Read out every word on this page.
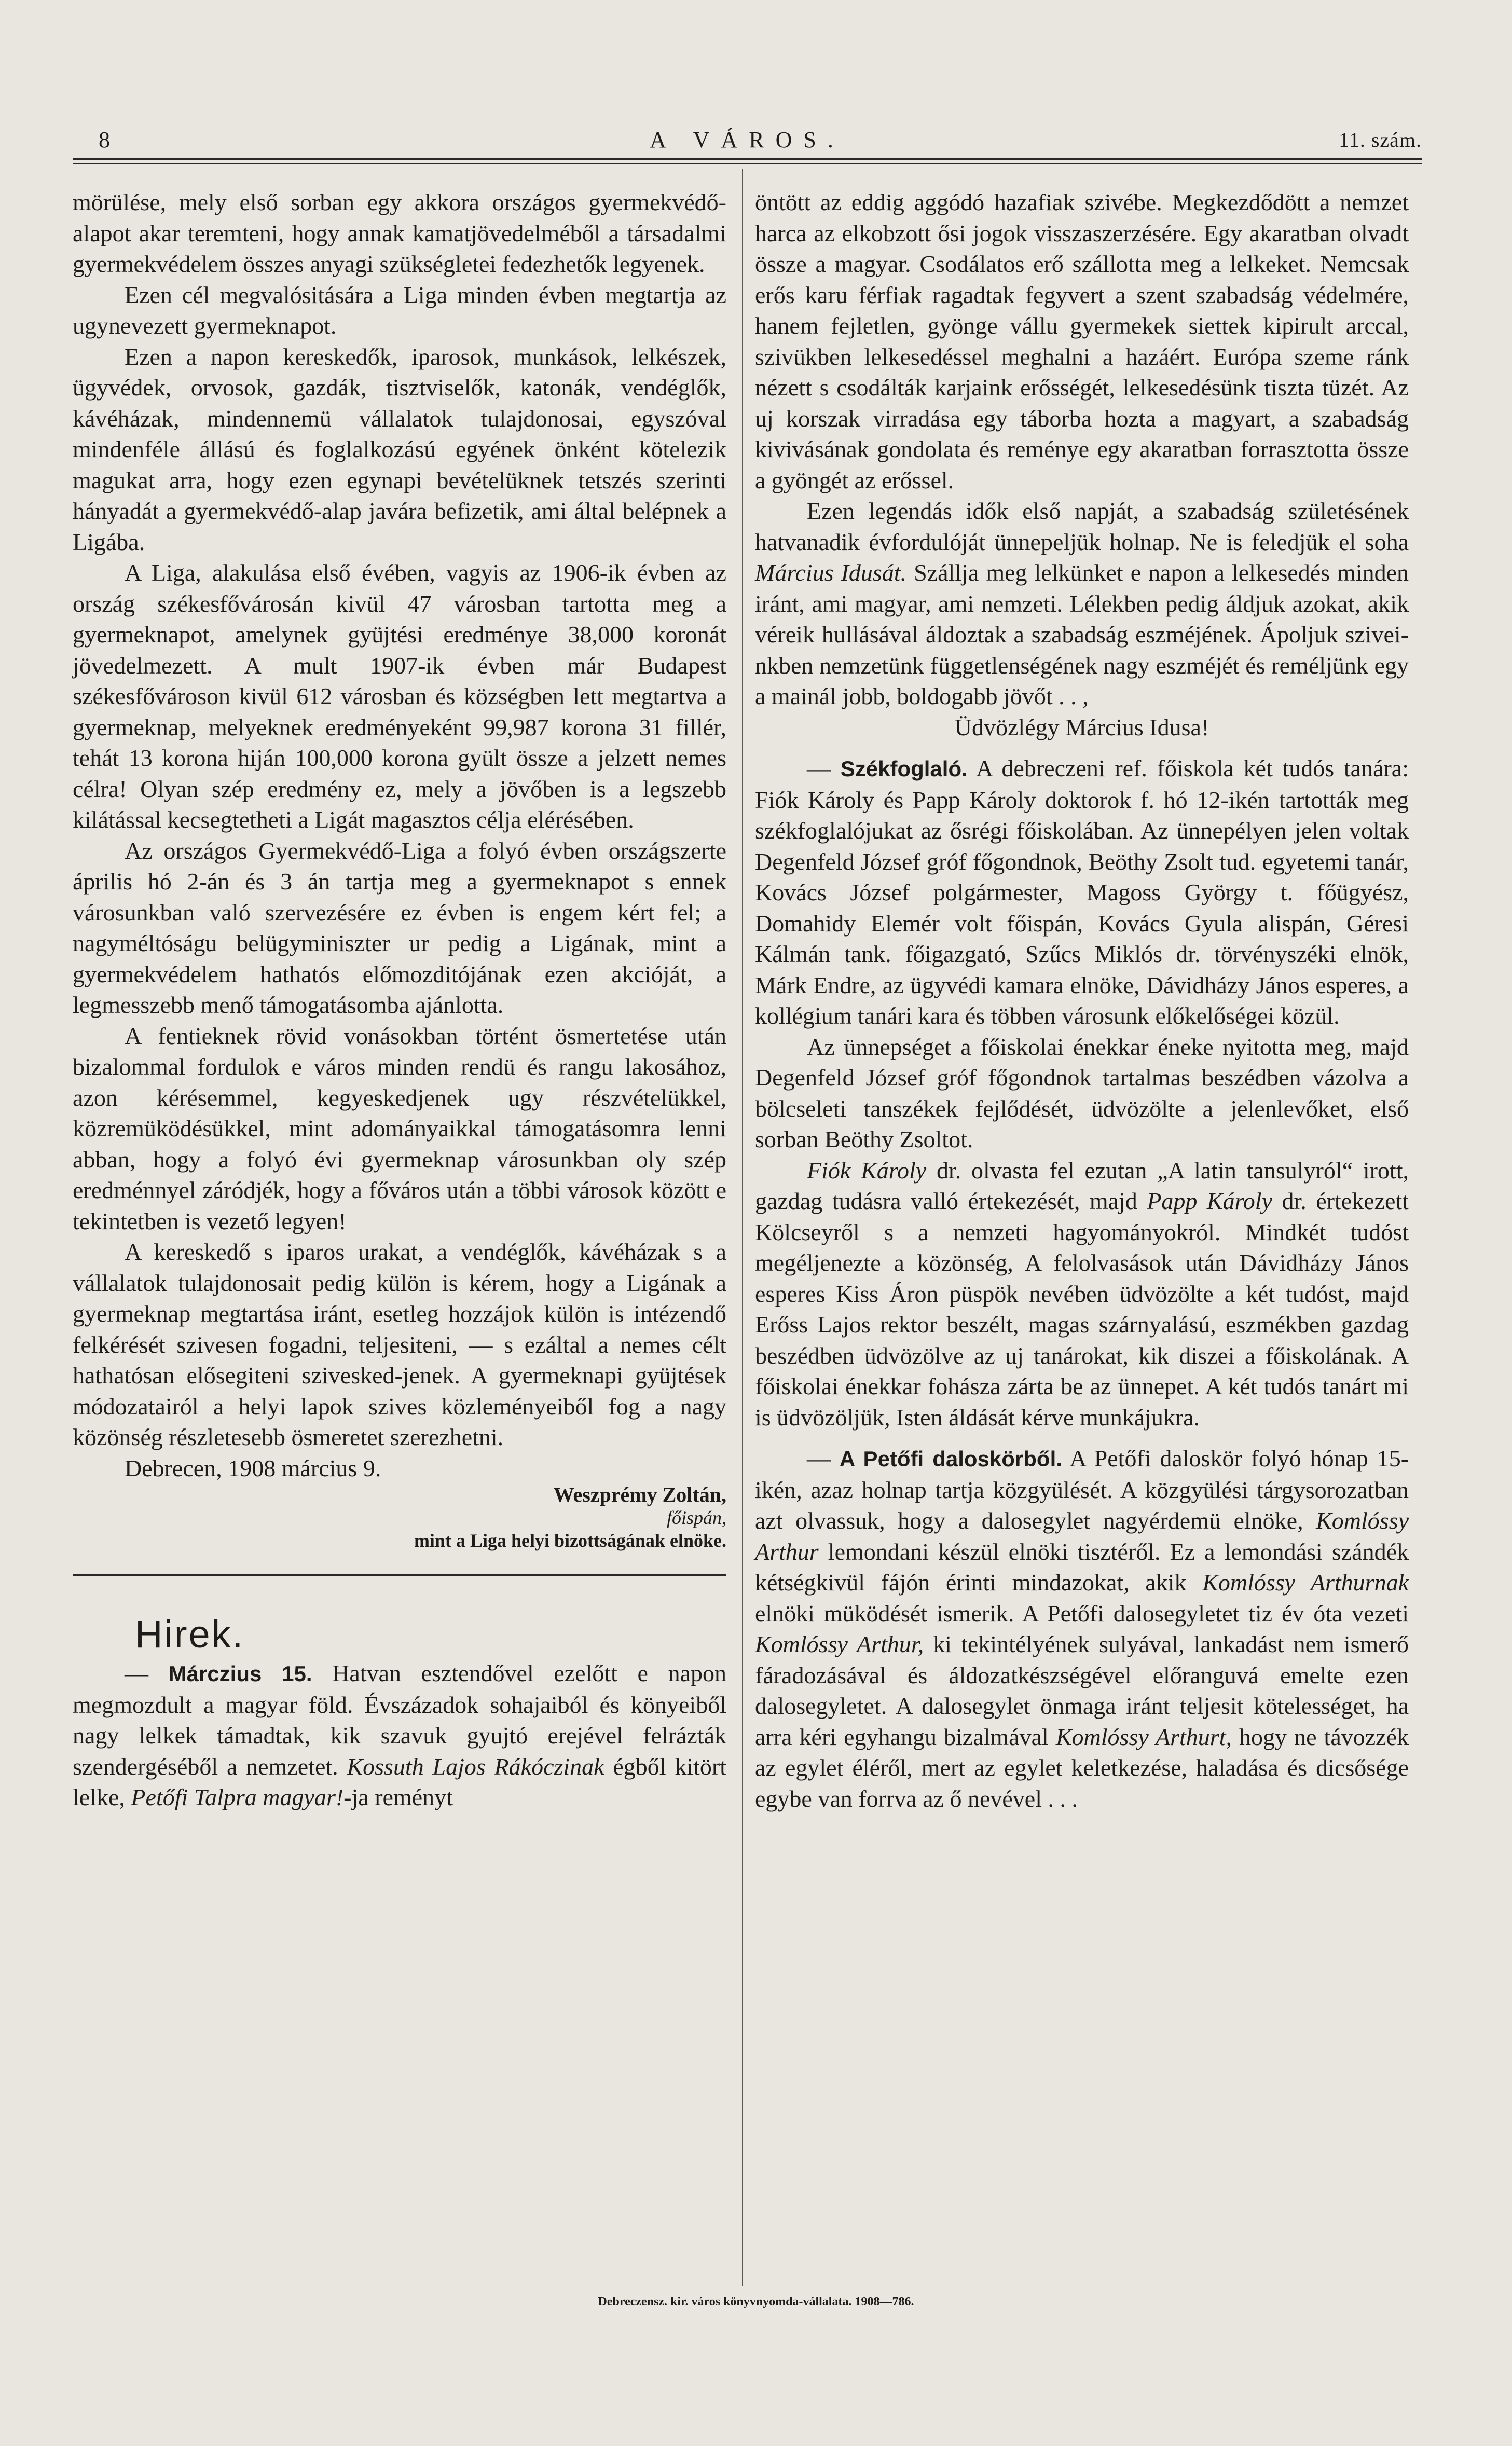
8	A VÁROS.	11. szám.

mörülése, mely első sorban egy akkora országos gyermekvédő-alapot akar teremteni, hogy annak kamatjövedelméből a társadalmi gyermekvédelem összes anyagi szükségletei fedezhetők legyenek.

Ezen cél megvalósitására a Liga minden évben megtartja az ugynevezett gyermeknapot.

Ezen a napon kereskedők, iparosok, munkások, lelkészek, ügyvédek, orvosok, gazdák, tisztviselők, katonák, vendéglők, kávéházak, mindennemü vállalatok tulajdonosai, egyszóval mindenféle állású és foglalkozású egyének önként kötelezik magukat arra, hogy ezen egynapi bevételüknek tetszés szerinti hányadát a gyermekvédő-alap javára befizetik, ami által belépnek a Ligába.

A Liga, alakulása első évében, vagyis az 1906-ik évben az ország székesfővárosán kivül 47 városban tartotta meg a gyermeknapot, amelynek gyüjtési eredménye 38,000 koronát jövedelmezett. A mult 1907-ik évben már Budapest székesfővároson kivül 612 városban és községben lett megtartva a gyermeknap, melyeknek eredményeként 99,987 korona 31 fillér, tehát 13 korona hiján 100,000 korona gyült össze a jelzett nemes célra! Olyan szép eredmény ez, mely a jövőben is a legszebb kilátással kecsegtetheti a Ligát magasztos célja elérésében.

Az országos Gyermekvédő-Liga a folyó évben országszerte április hó 2-án és 3 án tartja meg a gyermeknapot s ennek városunkban való szervezésére ez évben is engem kért fel; a nagyméltóságu belügyminiszter ur pedig a Ligának, mint a gyermekvédelem hathatós előmozditójának ezen akcióját, a legmesszebb menő támogatásomba ajánlotta.

A fentieknek rövid vonásokban történt ösmertetése után bizalommal fordulok e város minden rendü és rangu lakosához, azon kérésemmel, kegyeskedjenek ugy részvételükkel, közremüködésükkel, mint adományaikkal támogatásomra lenni abban, hogy a folyó évi gyermeknap városunkban oly szép eredménnyel záródjék, hogy a főváros után a többi városok között e tekintetben is vezető legyen!

A kereskedő s iparos urakat, a vendéglők, kávéházak s a vállalatok tulajdonosait pedig külön is kérem, hogy a Ligának a gyermeknap megtartása iránt, esetleg hozzájok külön is intézendő felkérését szivesen fogadni, teljesiteni, — s ezáltal a nemes célt hathatósan elősegiteni szivesked-jenek. A gyermeknapi gyüjtések módozatairól a helyi lapok szives közleményeiből fog a nagy közönség részletesebb ösmeretet szerezhetni.

Debrecen, 1908 március 9.

Weszprémy Zoltán,
főispán,
mint a Liga helyi bizottságának elnöke.
Hirek.

— Márczius 15. Hatvan esztendővel ezelőtt e napon megmozdult a magyar föld. Évszázadok sohajaiból és könyeiből nagy lelkek támadtak, kik szavuk gyujtó erejével felrázták szendergéséből a nemzetet. Kossuth Lajos Rákóczinak égből kitört lelke, Petőfi Talpra magyar!-ja reményt

öntött az eddig aggódó hazafiak szivébe. Megkezdődött a nemzet harca az elkobzott ősi jogok visszaszerzésére. Egy akaratban olvadt össze a magyar. Csodálatos erő szállotta meg a lelkeket. Nemcsak erős karu férfiak ragadtak fegyvert a szent szabadság védelmére, hanem fejletlen, gyönge vállu gyermekek siettek kipirult arccal, szivükben lelkesedéssel meghalni a hazáért. Európa szeme ránk nézett s csodálták karjaink erősségét, lelkesedésünk tiszta tüzét. Az uj korszak virradása egy táborba hozta a magyart, a szabadság kivivásának gondolata és reménye egy akaratban forrasztotta össze a gyöngét az erőssel.

Ezen legendás idők első napját, a szabadság születésének hatvanadik évfordulóját ünnepeljük holnap. Ne is feledjük el soha Március Idusát. Szállja meg lelkünket e napon a lelkesedés minden iránt, ami magyar, ami nemzeti. Lélekben pedig áldjuk azokat, akik véreik hullásával áldoztak a szabadság eszméjének. Ápoljuk sziveinkben nemzetünk függetlenségének nagy eszméjét és reméljünk egy a mainál jobb, boldogabb jövőt . . ,

Üdvözlégy Március Idusa!

— Székfoglaló. A debreczeni ref. főiskola két tudós tanára: Fiók Károly és Papp Károly doktorok f. hó 12-ikén tartották meg székfoglalójukat az ősrégi főiskolában. Az ünnepélyen jelen voltak Degenfeld József gróf főgondnok, Beöthy Zsolt tud. egyetemi tanár, Kovács József polgármester, Magoss György t. főügyész, Domahidy Elemér volt főispán, Kovács Gyula alispán, Géresi Kálmán tank. főigazgató, Szűcs Miklós dr. törvényszéki elnök, Márk Endre, az ügyvédi kamara elnöke, Dávidházy János esperes, a kollégium tanári kara és többen városunk előkelőségei közül.

Az ünnepséget a főiskolai énekkar éneke nyitotta meg, majd Degenfeld József gróf főgondnok tartalmas beszédben vázolva a bölcseleti tanszékek fejlődését, üdvözölte a jelenlevőket, első sorban Beöthy Zsoltot.

Fiók Károly dr. olvasta fel ezutan „A latin tansulyról“ irott, gazdag tudásra valló értekezését, majd Papp Károly dr. értekezett Kölcseyről s a nemzeti hagyományokról. Mindkét tudóst megéljenezte a közönség, A felolvasások után Dávidházy János esperes Kiss Áron püspök nevében üdvözölte a két tudóst, majd Erőss Lajos rektor beszélt, magas szárnyalású, eszmékben gazdag beszédben üdvözölve az uj tanárokat, kik diszei a főiskolának. A főiskolai énekkar fohásza zárta be az ünnepet. A két tudós tanárt mi is üdvözöljük, Isten áldását kérve munkájukra.

— A Petőfi daloskörből. A Petőfi daloskör folyó hónap 15-ikén, azaz holnap tartja közgyülését. A közgyülési tárgysorozatban azt olvassuk, hogy a dalosegylet nagyérdemü elnöke, Komlóssy Arthur lemondani készül elnöki tisztéről. Ez a lemondási szándék kétségkivül fájón érinti mindazokat, akik Komlóssy Arthurnak elnöki müködését ismerik. A Petőfi dalosegyletet tiz év óta vezeti Komlóssy Arthur, ki tekintélyének sulyával, lankadást nem ismerő fáradozásával és áldozatkészségével előranguvá emelte ezen dalosegyletet. A dalosegylet önmaga iránt teljesit kötelességet, ha arra kéri egyhangu bizalmával Komlóssy Arthurt, hogy ne távozzék az egylet éléről, mert az egylet keletkezése, haladása és dicsősége egybe van forrva az ő nevével . . .

Debreczensz. kir. város könyvnyomda-vállalata. 1908—786.
